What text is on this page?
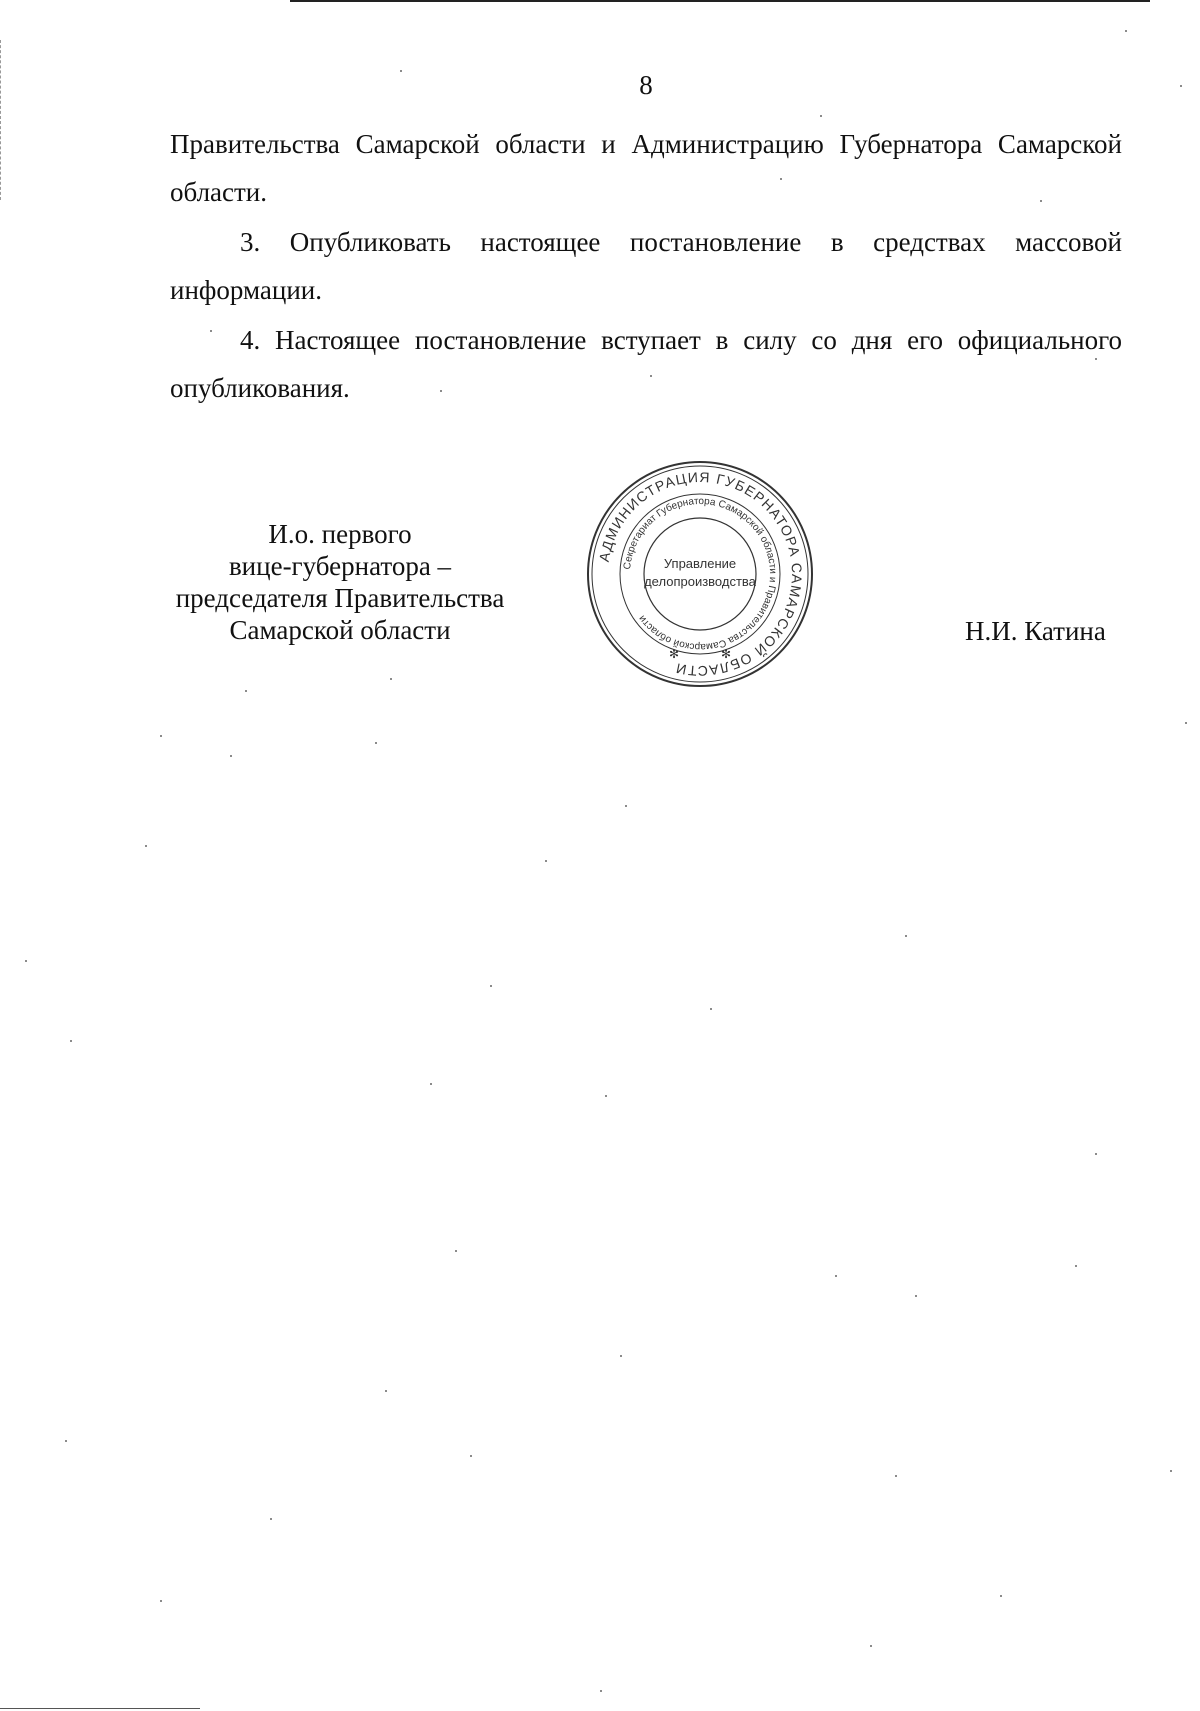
8

Правительства Самарской области и Администрацию Губернатора Самарской области.

3. Опубликовать настоящее постановление в средствах массовой информации.

4. Настоящее постановление вступает в силу со дня его официального опубликования.

И.о. первого
вице-губернатора –
председателя Правительства
Самарской области
АДМИНИСТРАЦИЯ ГУБЕРНАТОРА САМАРСКОЙ ОБЛАСТИ
Секретариат Губернатора Самарской области и Правительства Самарской области
Управление
делопроизводства
✻	✻
Н.И. Катина
